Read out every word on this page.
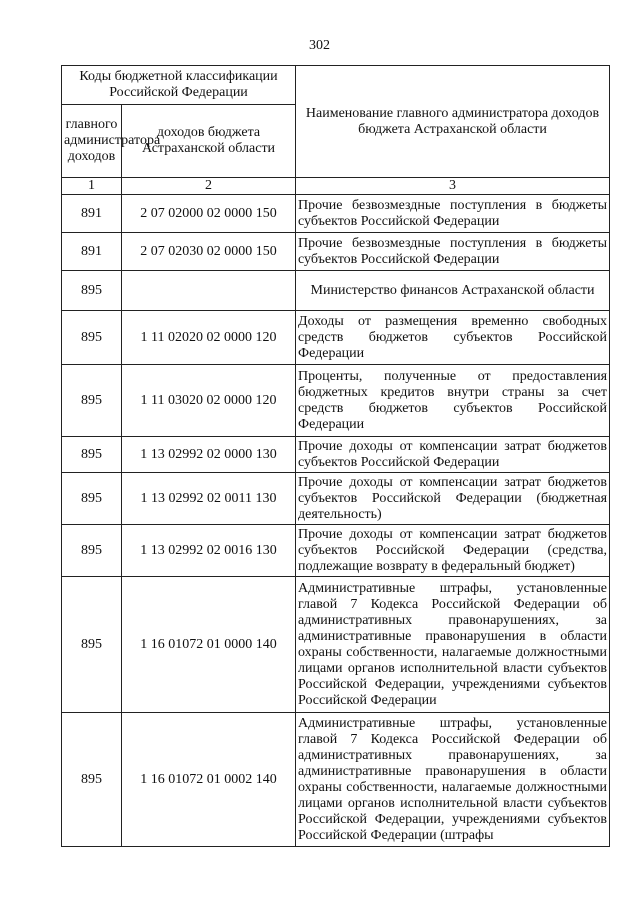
302
Коды бюджетной классификации Российской Федерации		Наименование главного администратора доходов бюджета Астраханской области
главного администратора доходов	доходов бюджета Астраханской области	
1	2	3
891	2 07 02000 02 0000 150	Прочие безвозмездные поступления в бюджеты субъектов Российской Федерации
891	2 07 02030 02 0000 150	Прочие безвозмездные поступления в бюджеты субъектов Российской Федерации
895		Министерство финансов Астраханской области
895	1 11 02020 02 0000 120	Доходы от размещения временно свободных средств бюджетов субъектов Российской Федерации
895	1 11 03020 02 0000 120	Проценты, полученные от предоставления бюджетных кредитов внутри страны за счет средств бюджетов субъектов Российской Федерации
895	1 13 02992 02 0000 130	Прочие доходы от компенсации затрат бюджетов субъектов Российской Федерации
895	1 13 02992 02 0011 130	Прочие доходы от компенсации затрат бюджетов субъектов Российской Федерации (бюджетная деятельность)
895	1 13 02992 02 0016 130	Прочие доходы от компенсации затрат бюджетов субъектов Российской Федерации (средства, подлежащие возврату в федеральный бюджет)
895	1 16 01072 01 0000 140	Административные штрафы, установленные главой 7 Кодекса Российской Федерации об административных правонарушениях, за административные правонарушения в области охраны собственности, налагаемые должностными лицами органов исполнительной власти субъектов Российской Федерации, учреждениями субъектов Российской Федерации
895	1 16 01072 01 0002 140	Административные штрафы, установленные главой 7 Кодекса Российской Федерации об административных правонарушениях, за административные правонарушения в области охраны собственности, налагаемые должностными лицами органов исполнительной власти субъектов Российской Федерации, учреждениями субъектов Российской Федерации (штрафы
